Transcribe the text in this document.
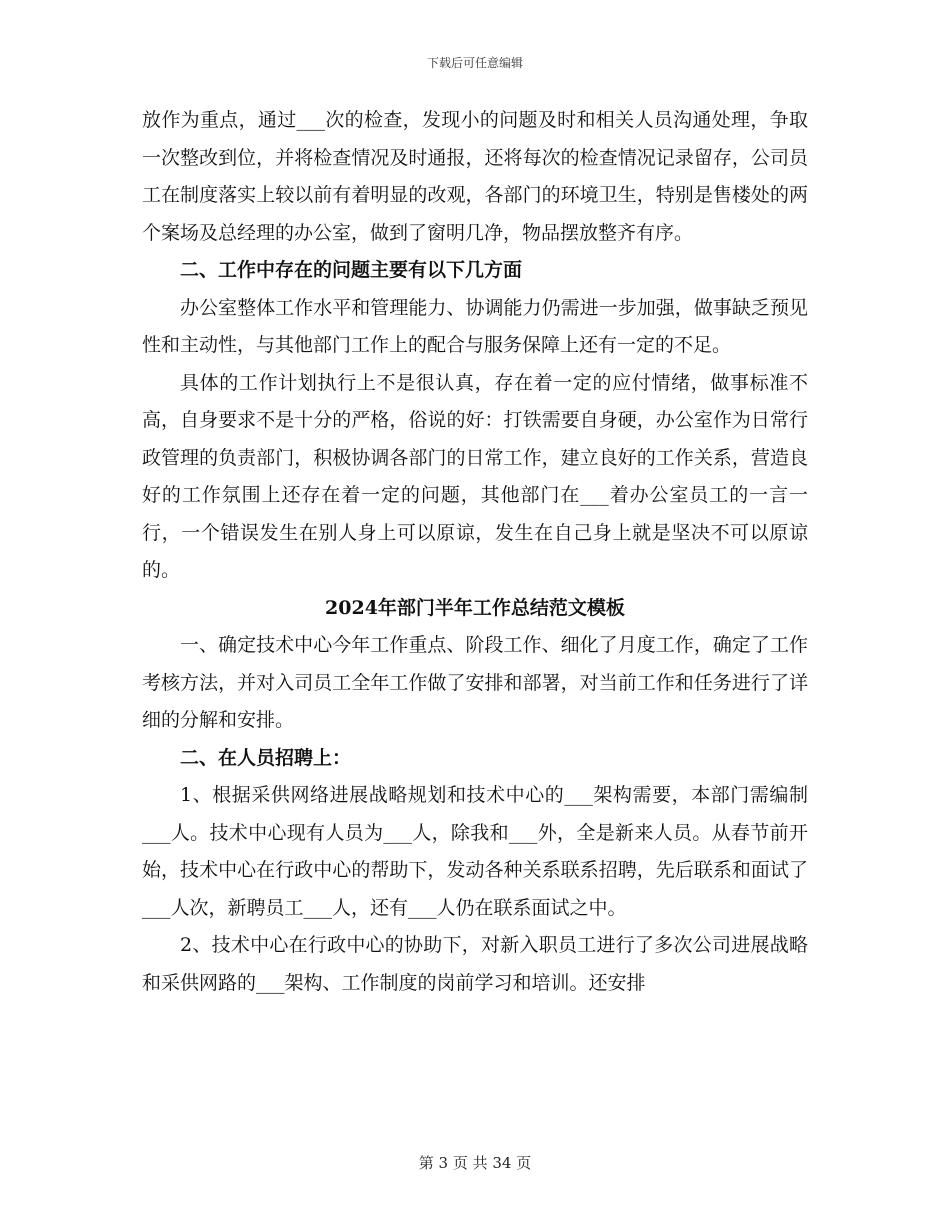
下载后可任意编辑

放作为重点，通过___次的检查，发现小的问题及时和相关人员沟通处理，争取一次整改到位，并将检查情况及时通报，还将每次的检查情况记录留存，公司员工在制度落实上较以前有着明显的改观，各部门的环境卫生，特别是售楼处的两个案场及总经理的办公室，做到了窗明几净，物品摆放整齐有序。

二、工作中存在的问题主要有以下几方面

办公室整体工作水平和管理能力、协调能力仍需进一步加强，做事缺乏预见性和主动性，与其他部门工作上的配合与服务保障上还有一定的不足。

具体的工作计划执行上不是很认真，存在着一定的应付情绪，做事标准不高，自身要求不是十分的严格，俗说的好：打铁需要自身硬，办公室作为日常行政管理的负责部门，积极协调各部门的日常工作，建立良好的工作关系，营造良好的工作氛围上还存在着一定的问题，其他部门在___着办公室员工的一言一行，一个错误发生在别人身上可以原谅，发生在自己身上就是坚决不可以原谅的。

2024年部门半年工作总结范文模板

一、确定技术中心今年工作重点、阶段工作、细化了月度工作，确定了工作考核方法，并对入司员工全年工作做了安排和部署，对当前工作和任务进行了详细的分解和安排。

二、在人员招聘上：

1、根据采供网络进展战略规划和技术中心的___架构需要，本部门需编制___人。技术中心现有人员为___人，除我和___外，全是新来人员。从春节前开始，技术中心在行政中心的帮助下，发动各种关系联系招聘，先后联系和面试了___人次，新聘员工___人，还有___人仍在联系面试之中。

2、技术中心在行政中心的协助下，对新入职员工进行了多次公司进展战略和采供网路的___架构、工作制度的岗前学习和培训。还安排

第 3 页 共 34 页
